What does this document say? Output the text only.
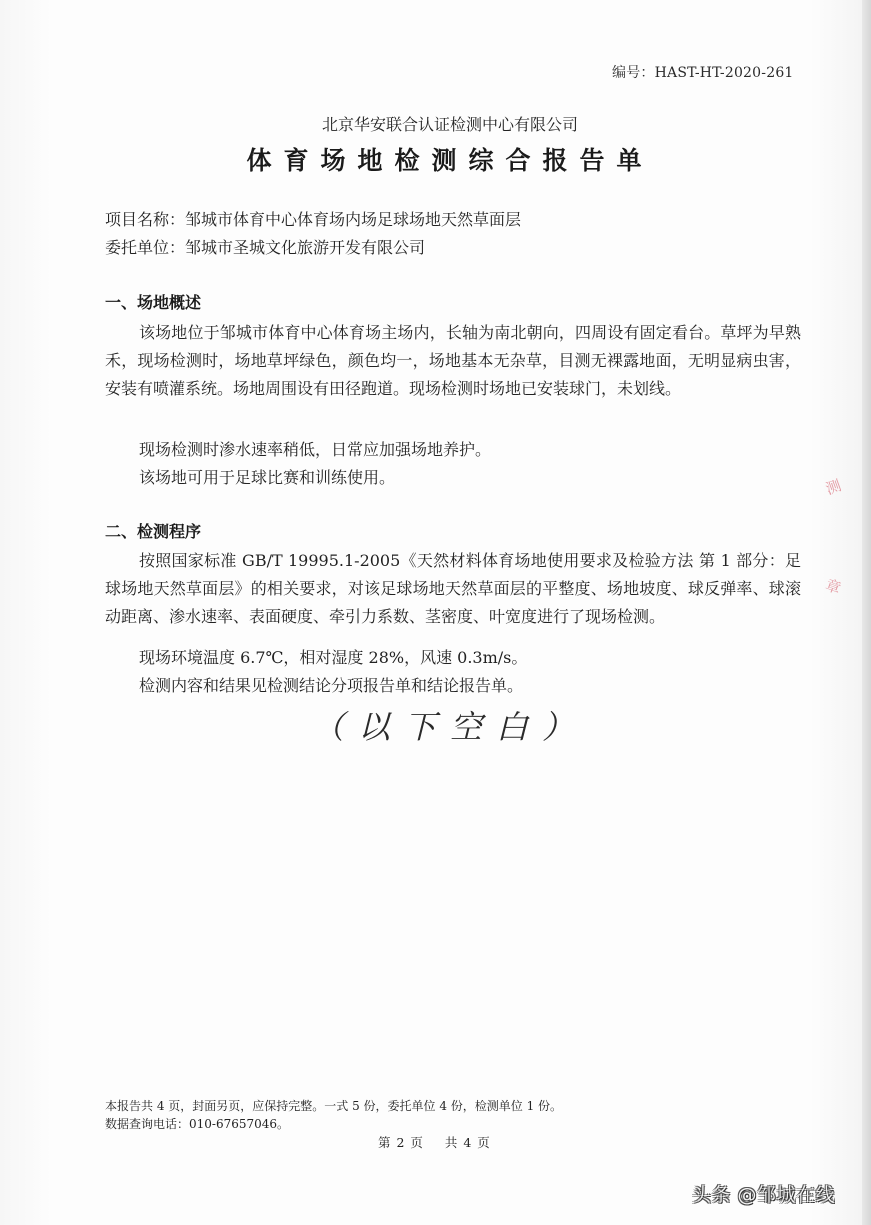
编号：HAST-HT-2020-261
北京华安联合认证检测中心有限公司
体育场地检测综合报告单
项目名称：邹城市体育中心体育场内场足球场地天然草面层
委托单位：邹城市圣城文化旅游开发有限公司
一、场地概述

该场地位于邹城市体育中心体育场主场内，长轴为南北朝向，四周设有固定看台。草坪为早熟禾，现场检测时，场地草坪绿色，颜色均一，场地基本无杂草，目测无裸露地面，无明显病虫害，安装有喷灌系统。场地周围设有田径跑道。现场检测时场地已安装球门，未划线。

现场检测时渗水速率稍低，日常应加强场地养护。
该场地可用于足球比赛和训练使用。
二、检测程序

按照国家标准 GB/T 19995.1-2005《天然材料体育场地使用要求及检验方法 第 1 部分：足球场地天然草面层》的相关要求，对该足球场地天然草面层的平整度、场地坡度、球反弹率、球滚动距离、渗水速率、表面硬度、牵引力系数、茎密度、叶宽度进行了现场检测。

现场环境温度 6.7℃，相对湿度 28%，风速 0.3m/s。
检测内容和结果见检测结论分项报告单和结论报告单。
（以下空白）
本报告共 4 页，封面另页，应保持完整。一式 5 份，委托单位 4 份，检测单位 1 份。
数据查询电话：010-67657046。
第 2 页 共 4 页
测
章
头条 @邹城在线
